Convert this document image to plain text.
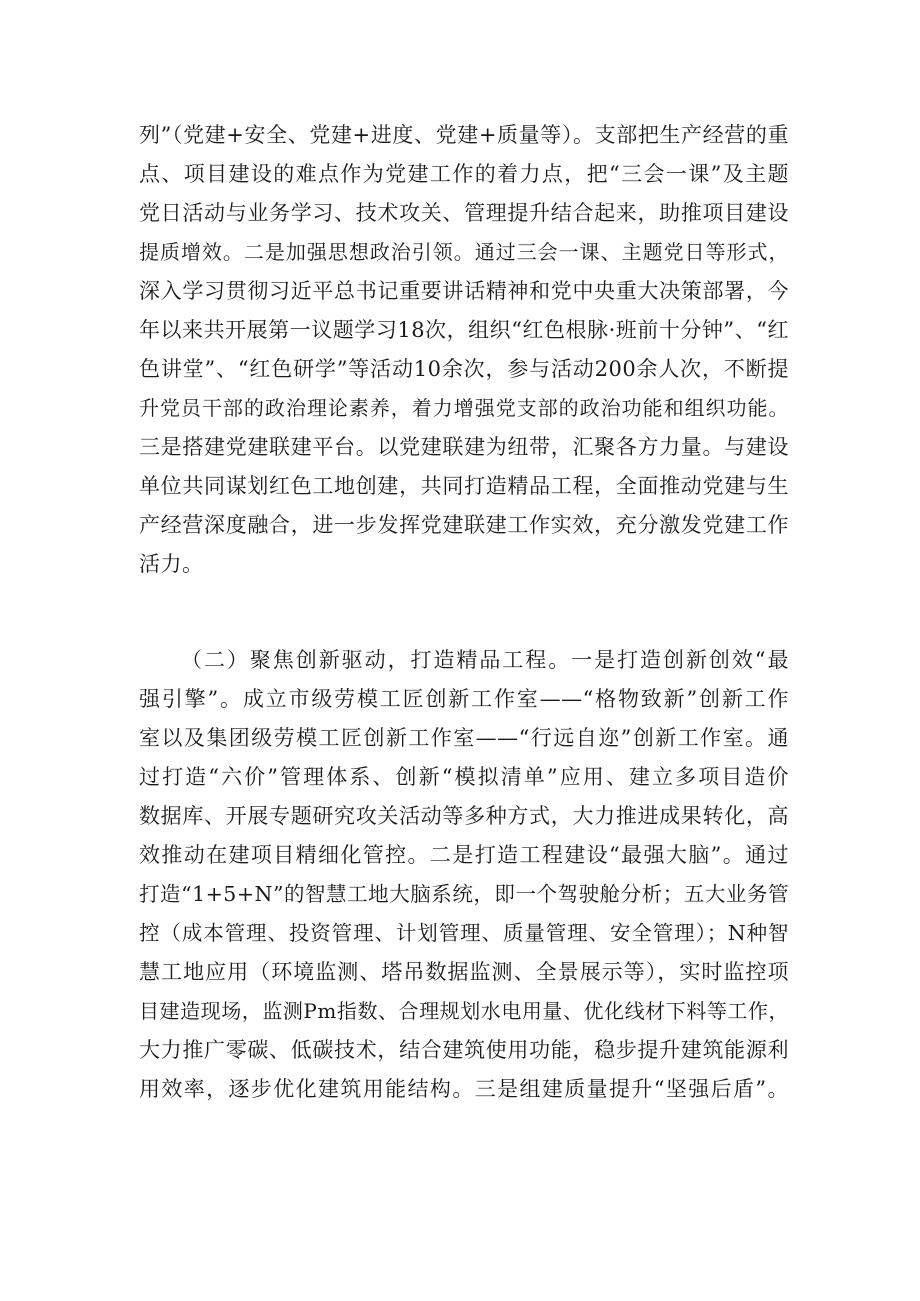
列”（党建+安全、党建+进度、党建+质量等）。支部把生产经营的重
点、项目建设的难点作为党建工作的着力点，把“三会一课”及主题
党日活动与业务学习、技术攻关、管理提升结合起来，助推项目建设
提质增效。二是加强思想政治引领。通过三会一课、主题党日等形式，
深入学习贯彻习近平总书记重要讲话精神和党中央重大决策部署，今
年以来共开展第一议题学习18次，组织“红色根脉·班前十分钟”、“红
色讲堂”、“红色研学”等活动10余次，参与活动200余人次，不断提
升党员干部的政治理论素养，着力增强党支部的政治功能和组织功能。
三是搭建党建联建平台。以党建联建为纽带，汇聚各方力量。与建设
单位共同谋划红色工地创建，共同打造精品工程，全面推动党建与生
产经营深度融合，进一步发挥党建联建工作实效，充分激发党建工作
活力。
（二）聚焦创新驱动，打造精品工程。一是打造创新创效“最
强引擎”。成立市级劳模工匠创新工作室——“格物致新”创新工作
室以及集团级劳模工匠创新工作室——“行远自迩”创新工作室。通
过打造“六价”管理体系、创新“模拟清单”应用、建立多项目造价
数据库、开展专题研究攻关活动等多种方式，大力推进成果转化，高
效推动在建项目精细化管控。二是打造工程建设“最强大脑”。通过
打造“1+5+N”的智慧工地大脑系统，即一个驾驶舱分析；五大业务管
控（成本管理、投资管理、计划管理、质量管理、安全管理）；N种智
慧工地应用（环境监测、塔吊数据监测、全景展示等），实时监控项
目建造现场，监测Pm指数、合理规划水电用量、优化线材下料等工作，
大力推广零碳、低碳技术，结合建筑使用功能，稳步提升建筑能源利
用效率，逐步优化建筑用能结构。三是组建质量提升“坚强后盾”。
